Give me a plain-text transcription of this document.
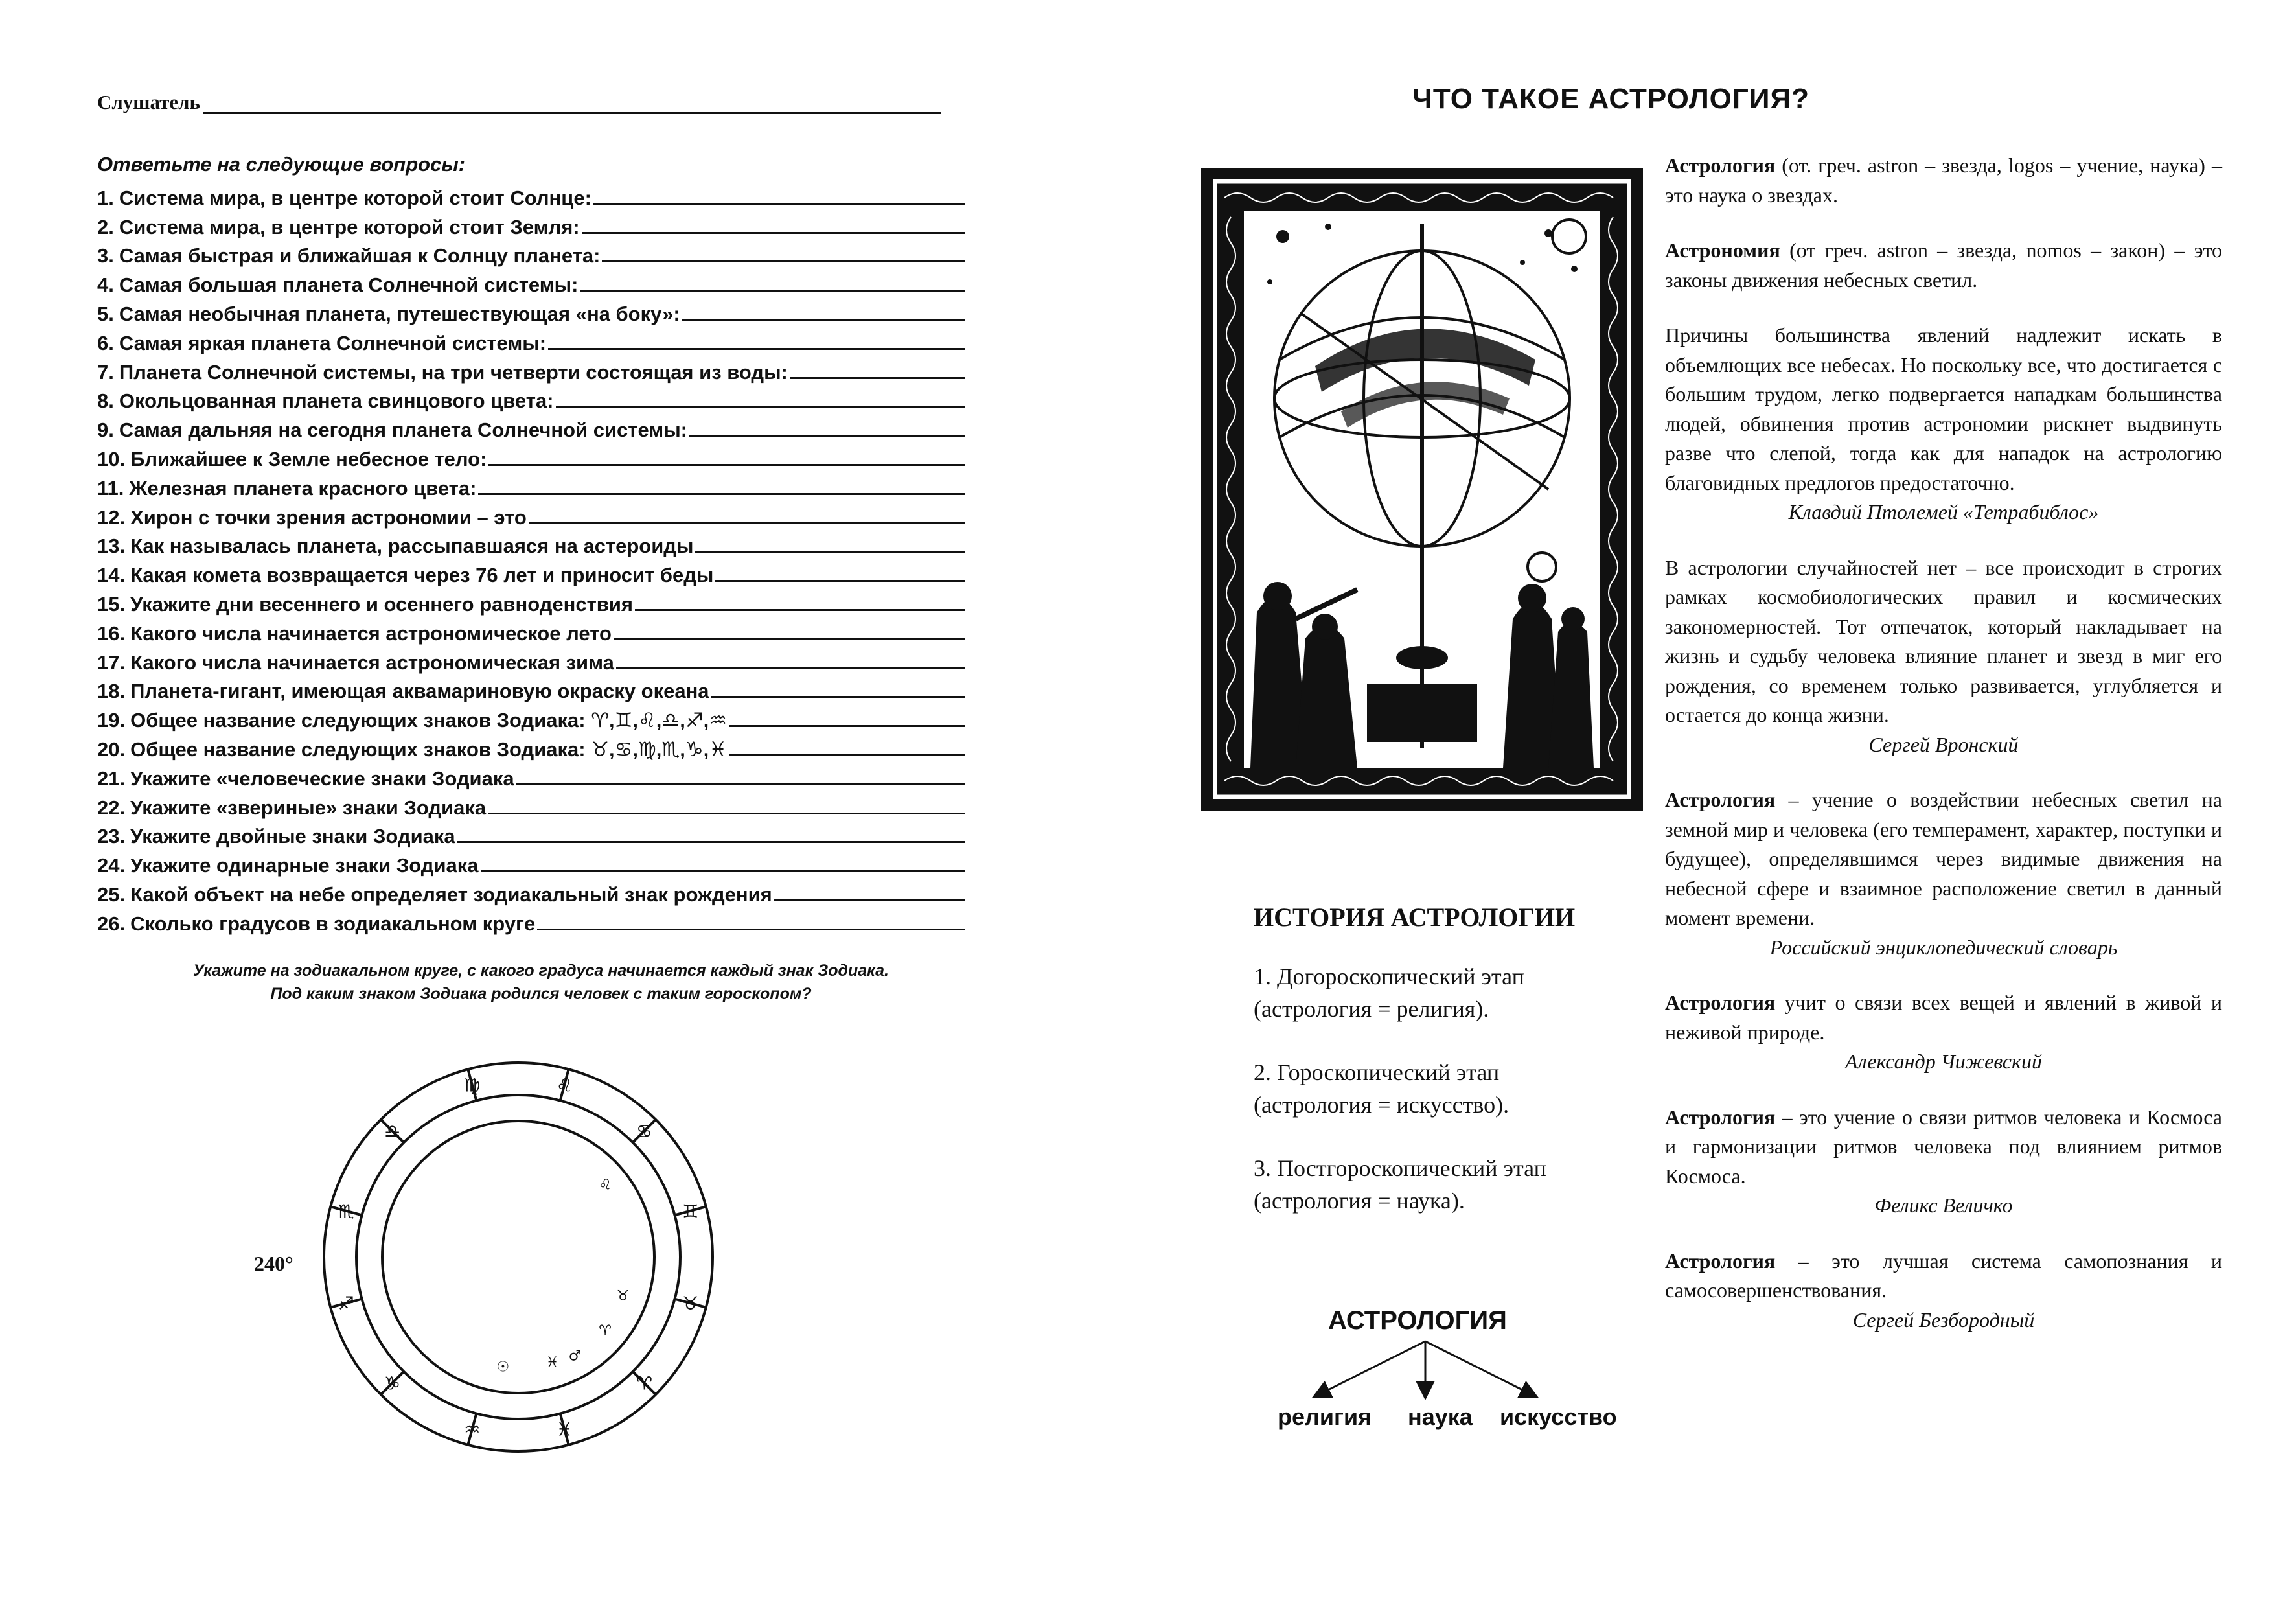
Слушатель
Ответьте на следующие вопросы:
1. Система мира, в центре которой стоит Солнце:
2. Система мира, в центре которой стоит Земля:
3. Самая быстрая и ближайшая к Солнцу планета:
4. Самая большая планета Солнечной системы:
5. Самая необычная планета, путешествующая «на боку»:
6. Самая яркая планета Солнечной системы:
7. Планета Солнечной системы, на три четверти состоящая из воды:
8. Окольцованная планета свинцового цвета:
9. Самая дальняя на сегодня планета Солнечной системы:
10. Ближайшее к Земле небесное тело:
11. Железная планета красного цвета:
12. Хирон с точки зрения астрономии – это
13. Как называлась планета, рассыпавшаяся на астероиды
14. Какая комета возвращается через 76 лет и приносит беды
15. Укажите дни весеннего и осеннего равноденствия
16. Какого числа начинается астрономическое лето
17. Какого числа начинается астрономическая зима
18. Планета-гигант, имеющая аквамариновую окраску океана
19. Общее название следующих знаков Зодиака: ♈,♊,♌,♎,♐,♒
20. Общее название следующих знаков Зодиака: ♉,♋,♍,♏,♑,♓
21. Укажите «человеческие знаки Зодиака
22. Укажите «звериные» знаки Зодиака
23. Укажите двойные знаки Зодиака
24. Укажите одинарные знаки Зодиака
25. Какой объект на небе определяет зодиакальный знак рождения
26. Сколько градусов в зодиакальном круге
Укажите на зодиакальном круге, с какого градуса начинается каждый знак Зодиака.
Под каким знаком Зодиака родился человек с таким гороскопом?
240°
♍	♌
♋
♊
♉
♈
♓
♒
♑
♐
♏
♎
♌
♉
♈
☉	♓ ♂
ЧТО ТАКОЕ АСТРОЛОГИЯ?
ИСТОРИЯ АСТРОЛОГИИ
1. Догороскопический этап
(астрология = религия).
2. Гороскопический этап
(астрология = искусство).
3. Постгороскопический этап
(астрология = наука).
АСТРОЛОГИЯ
религия наука искусство
Астрология (от. греч. astron – звезда, logos – учение, наука) – это наука о звездах.
Астрономия (от греч. astron – звезда, nomos – закон) – это законы движения небесных светил.
Причины большинства явлений надлежит искать в объемлющих все небесах. Но поскольку все, что достигается с большим трудом, легко подвергается нападкам большинства людей, обвинения против астрономии рискнет выдвинуть разве что слепой, тогда как для нападок на астрологию благовидных предлогов предостаточно.
Клавдий Птолемей «Тетрабиблос»
В астрологии случайностей нет – все происходит в строгих рамках космобиологических правил и космических закономерностей. Тот отпечаток, который накладывает на жизнь и судьбу человека влияние планет и звезд в миг его рождения, со временем только развивается, углубляется и остается до конца жизни.
Сергей Вронский
Астрология – учение о воздействии небесных светил на земной мир и человека (его темперамент, характер, поступки и будущее), определявшимся через видимые движения на небесной сфере и взаимное расположение светил в данный момент времени.
Российский энциклопедический словарь
Астрология учит о связи всех вещей и явлений в живой и неживой природе.
Александр Чижевский
Астрология – это учение о связи ритмов человека и Космоса и гармонизации ритмов человека под влиянием ритмов Космоса.
Феликс Величко
Астрология – это лучшая система самопознания и самосовершенствования.
Сергей Безбородный
